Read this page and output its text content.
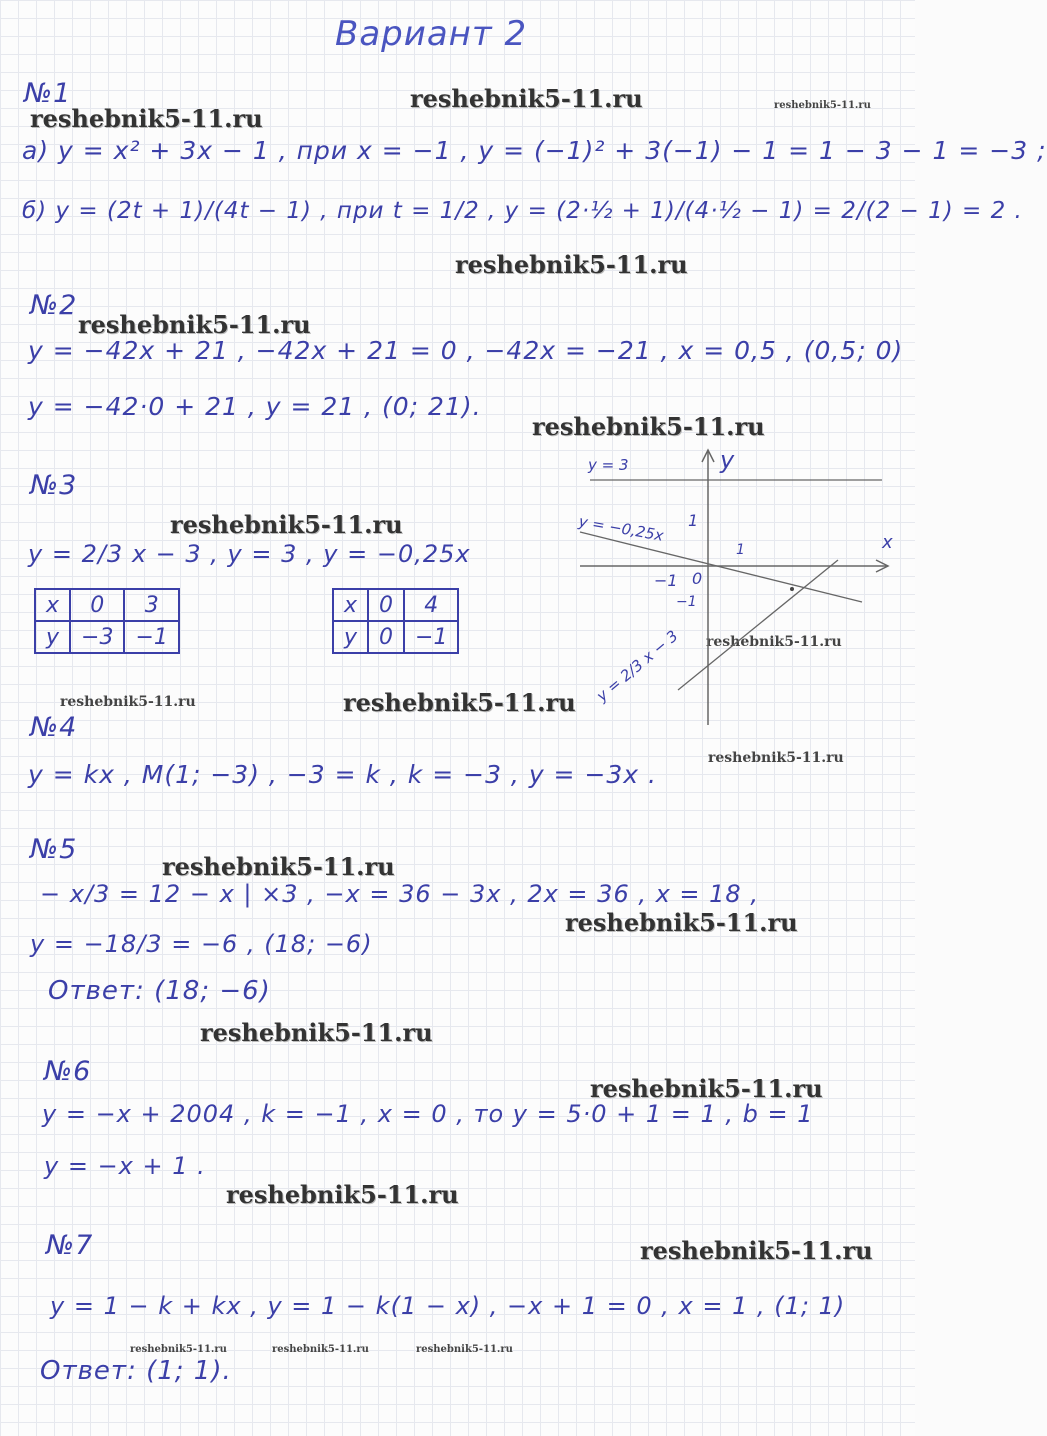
Вариант 2
reshebnik5-11.ru
reshebnik5-11.ru	reshebnik5-11.ru
reshebnik5-11.ru
reshebnik5-11.ru
reshebnik5-11.ru
reshebnik5-11.ru
reshebnik5-11.ru
reshebnik5-11.ru	reshebnik5-11.ru
reshebnik5-11.ru
reshebnik5-11.ru
reshebnik5-11.ru
reshebnik5-11.ru
reshebnik5-11.ru
reshebnik5-11.ru
reshebnik5-11.ru
reshebnik5-11.ru	reshebnik5-11.ru	reshebnik5-11.ru
№1
а) y = x² + 3x − 1 , при x = −1 , y = (−1)² + 3(−1) − 1 = 1 − 3 − 1 = −3 ;
б) y = (2t + 1)/(4t − 1) , при t = 1/2 , y = (2·½ + 1)/(4·½ − 1) = 2/(2 − 1) = 2 .
№2
y = −42x + 21 , −42x + 21 = 0 , −42x = −21 , x = 0,5 , (0,5; 0)
y = −42·0 + 21 , y = 21 , (0; 21).
№3
y = 2/3 x − 3 , y = 3 , y = −0,25x
x	0	3
y	−3	−1
x	0	4
y	0	−1
y
x
y = 3
y = −0,25x
y = 2/3 x − 3
1
1
−1
−1
0
№4
y = kx , M(1; −3) , −3 = k , k = −3 , y = −3x .
№5
− x/3 = 12 − x | ×3 , −x = 36 − 3x , 2x = 36 , x = 18 ,
y = −18/3 = −6 , (18; −6)
Ответ: (18; −6)
№6
y = −x + 2004 , k = −1 , x = 0 , то y = 5·0 + 1 = 1 , b = 1
y = −x + 1 .
№7
y = 1 − k + kx , y = 1 − k(1 − x) , −x + 1 = 0 , x = 1 , (1; 1)
Ответ: (1; 1).
